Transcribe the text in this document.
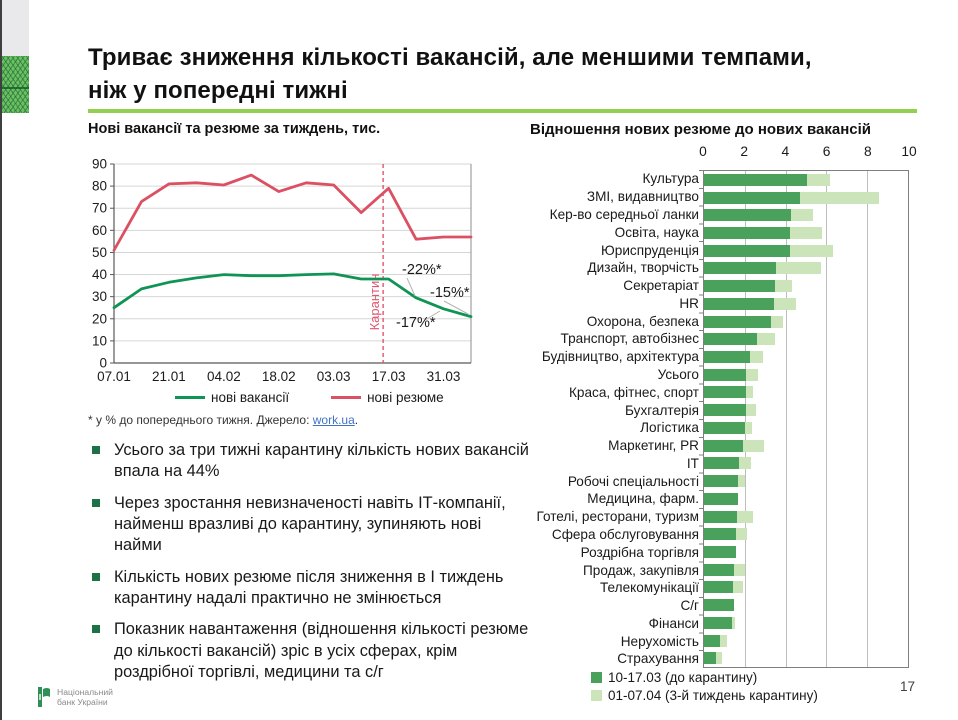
Триває зниження кількості вакансій, але меншими темпами,
ніж у попередні тижні
Нові вакансії та резюме за тиждень, тис.
0
10
20
30
40
50
60
70
80
90
07.01 21.01 04.02 18.02 03.03 17.03 31.03
Карантин
-22%*
-15%*
-17%*
нові вакансії	нові резюме
* у % до попереднього тижня. Джерело: work.ua.
Усього за три тижні карантину кількість нових вакансій впала на 44%
Через зростання невизначеності навіть ІТ-компанії, найменш вразливі до карантину, зупиняють нові найми
Кількість нових резюме після зниження в І тиждень карантину надалі практично не змінюється
Показник навантаження (відношення кількості резюме до кількості вакансій) зріс в усіх сферах, крім роздрібної торгівлі, медицини та с/г
Відношення нових резюме до нових вакансій
0	2	4	6	8	10
Культура
ЗМІ, видавництво
Кер-во середньої ланки
Освіта, наука
Юриспруденція
Дизайн, творчість
Секретаріат
HR
Охорона, безпека
Транспорт, автобізнес
Будівництво, архітектура
Усього
Краса, фітнес, спорт
Бухгалтерія
Логістика
Маркетинг, PR
IT
Робочі спеціальності
Медицина, фарм.
Готелі, ресторани, туризм
Сфера обслуговування
Роздрібна торгівля
Продаж, закупівля
Телекомунікації
С/г
Фінанси
Нерухомість
Страхування
10-17.03 (до карантину)
01-07.04 (3-й тиждень карантину)
Національний
банк України
17
